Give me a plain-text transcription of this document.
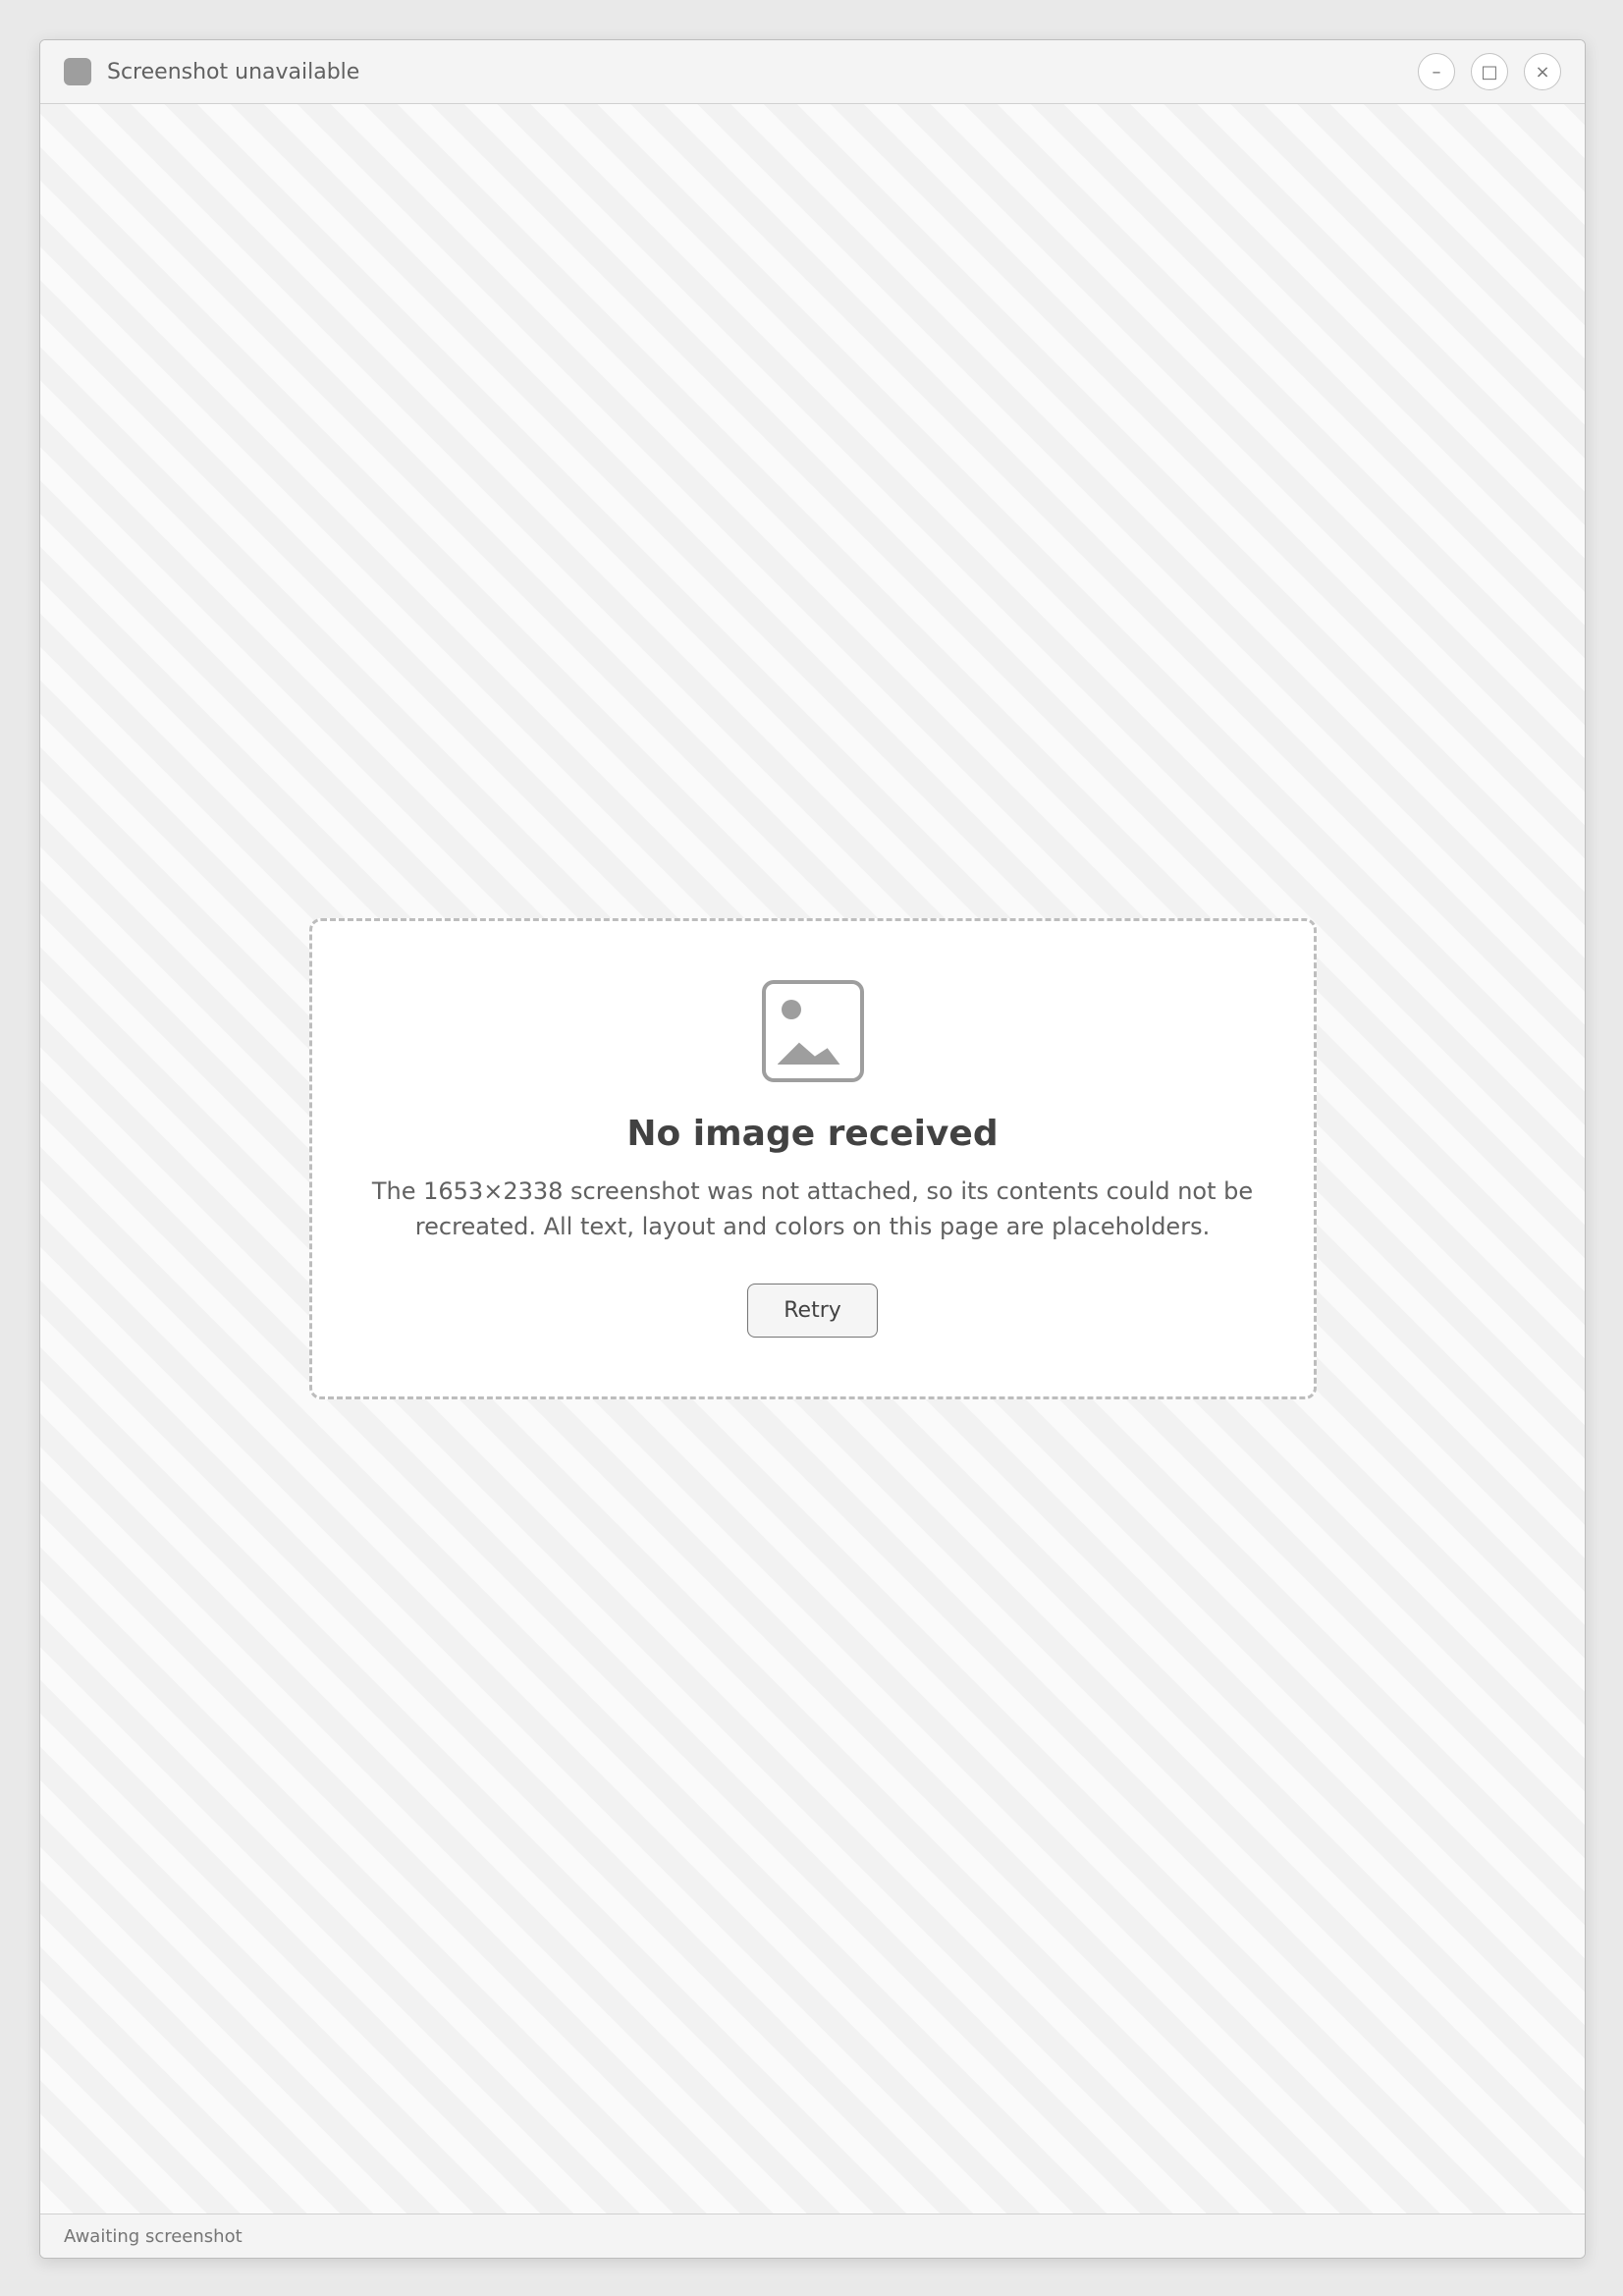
Screenshot unavailable	–	□	×
No image received
The 1653×2338 screenshot was not attached, so its contents could not be recreated. All text, layout and colors on this page are placeholders.
Retry
Awaiting screenshot
